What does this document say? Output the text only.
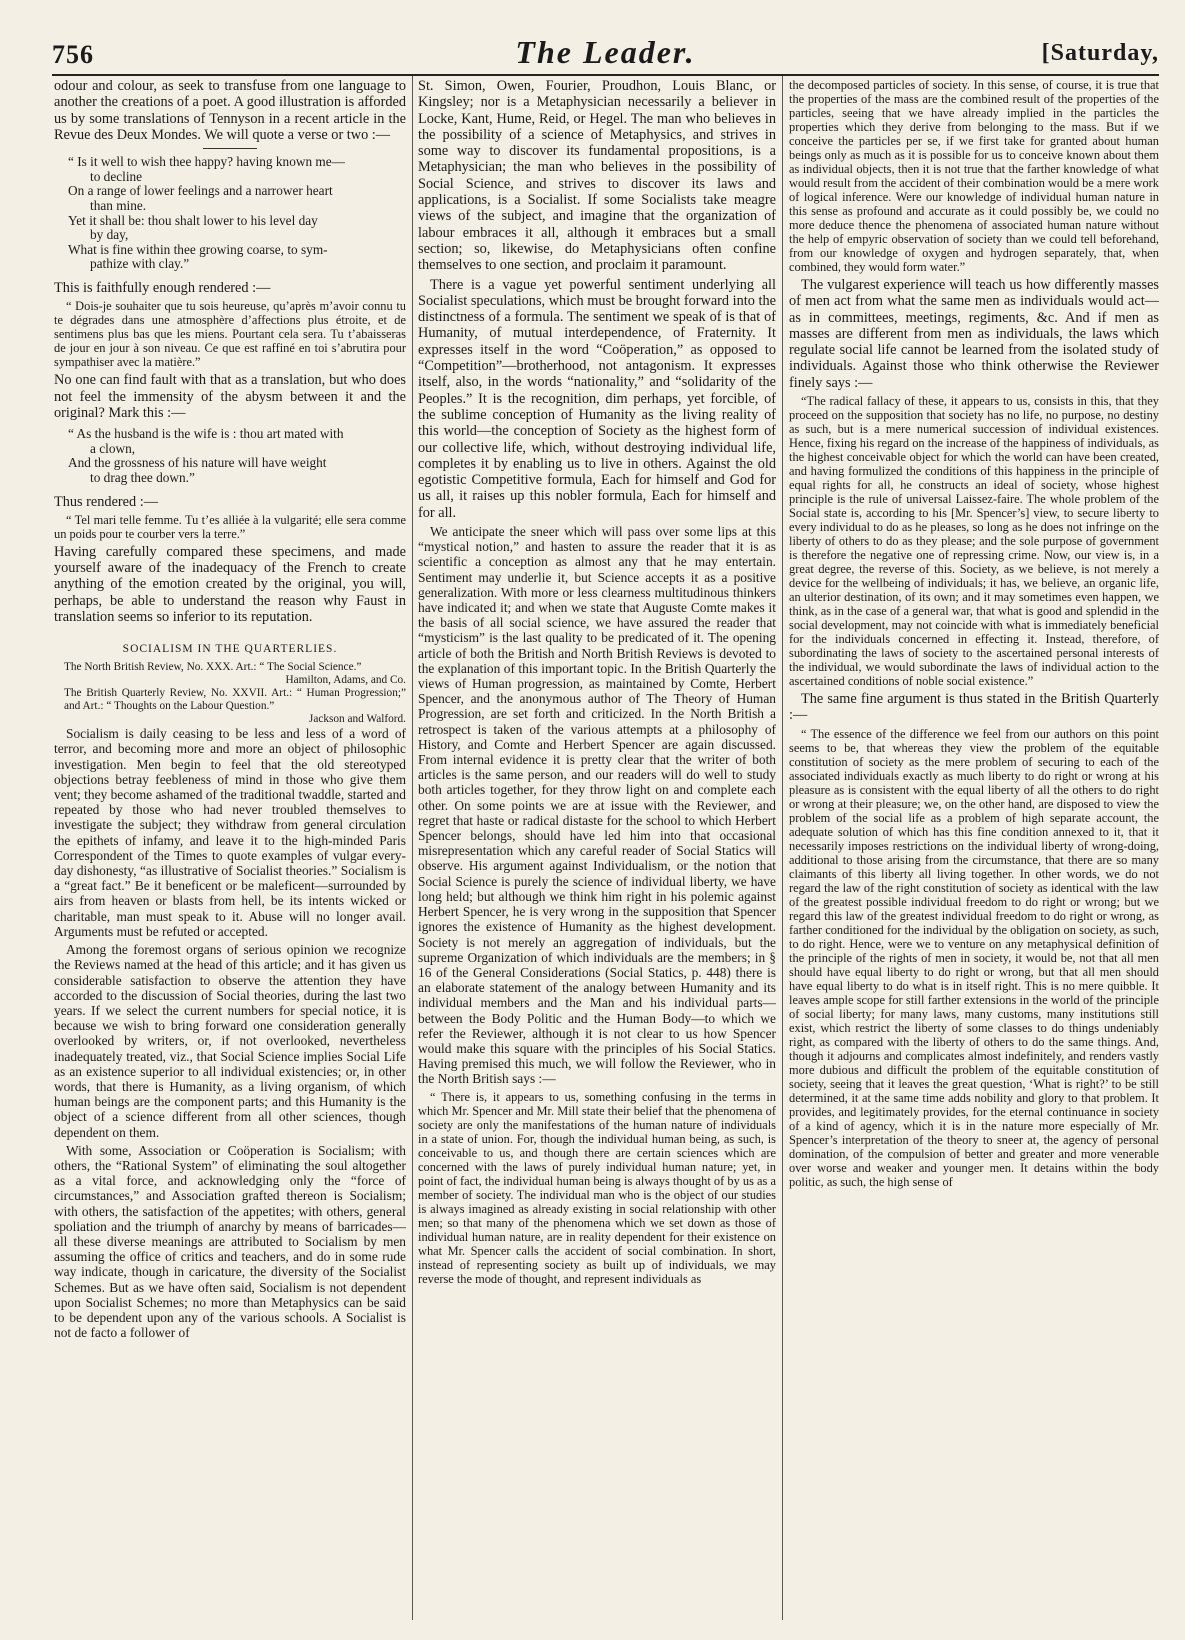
756	The Leader.	[Saturday,

odour and colour, as seek to transfuse from one language to another the creations of a poet. A good illustration is afforded us by some translations of Tennyson in a recent article in the Revue des Deux Mondes. We will quote a verse or two :—

“ Is it well to wish thee happy? having known me—
to decline
On a range of lower feelings and a narrower heart
than mine.
Yet it shall be: thou shalt lower to his level day
by day,
What is fine within thee growing coarse, to sym-
pathize with clay.”

This is faithfully enough rendered :—

“ Dois-je souhaiter que tu sois heureuse, qu’après m’avoir connu tu te dégrades dans une atmosphère d’affections plus étroite, et de sentimens plus bas que les miens. Pourtant cela sera. Tu t’abaisseras de jour en jour à son niveau. Ce que est raffiné en toi s’abrutira pour sympathiser avec la matière.”

No one can find fault with that as a translation, but who does not feel the immensity of the abysm between it and the original? Mark this :—

“ As the husband is the wife is : thou art mated with
a clown,
And the grossness of his nature will have weight
to drag thee down.”

Thus rendered :—

“ Tel mari telle femme. Tu t’es alliée à la vulgarité; elle sera comme un poids pour te courber vers la terre.”

Having carefully compared these specimens, and made yourself aware of the inadequacy of the French to create anything of the emotion created by the original, you will, perhaps, be able to understand the reason why Faust in translation seems so inferior to its reputation.

SOCIALISM IN THE QUARTERLIES.

The North British Review, No. XXX. Art.: “ The Social Science.”
Hamilton, Adams, and Co.

The British Quarterly Review, No. XXVII. Art.: “ Human Progression;” and Art.: “ Thoughts on the Labour Question.”
Jackson and Walford.

Socialism is daily ceasing to be less and less of a word of terror, and becoming more and more an object of philosophic investigation. Men begin to feel that the old stereotyped objections betray feebleness of mind in those who give them vent; they become ashamed of the traditional twaddle, started and repeated by those who had never troubled themselves to investigate the subject; they withdraw from general circulation the epithets of infamy, and leave it to the high-minded Paris Correspondent of the Times to quote examples of vulgar every-day dishonesty, “as illustrative of Socialist theories.” Socialism is a “great fact.” Be it beneficent or be maleficent—surrounded by airs from heaven or blasts from hell, be its intents wicked or charitable, man must speak to it. Abuse will no longer avail. Arguments must be refuted or accepted.

Among the foremost organs of serious opinion we recognize the Reviews named at the head of this article; and it has given us considerable satisfaction to observe the attention they have accorded to the discussion of Social theories, during the last two years. If we select the current numbers for special notice, it is because we wish to bring forward one consideration generally overlooked by writers, or, if not overlooked, nevertheless inadequately treated, viz., that Social Science implies Social Life as an existence superior to all individual existencies; or, in other words, that there is Humanity, as a living organism, of which human beings are the component parts; and this Humanity is the object of a science different from all other sciences, though dependent on them.

With some, Association or Coöperation is Socialism; with others, the “Rational System” of eliminating the soul altogether as a vital force, and acknowledging only the “force of circumstances,” and Association grafted thereon is Socialism; with others, the satisfaction of the appetites; with others, general spoliation and the triumph of anarchy by means of barricades—all these diverse meanings are attributed to Socialism by men assuming the office of critics and teachers, and do in some rude way indicate, though in caricature, the diversity of the Socialist Schemes. But as we have often said, Socialism is not dependent upon Socialist Schemes; no more than Metaphysics can be said to be dependent upon any of the various schools. A Socialist is not de facto a follower of

St. Simon, Owen, Fourier, Proudhon, Louis Blanc, or Kingsley; nor is a Metaphysician necessarily a believer in Locke, Kant, Hume, Reid, or Hegel. The man who believes in the possibility of a science of Metaphysics, and strives in some way to discover its fundamental propositions, is a Metaphysician; the man who believes in the possibility of Social Science, and strives to discover its laws and applications, is a Socialist. If some Socialists take meagre views of the subject, and imagine that the organization of labour embraces it all, although it embraces but a small section; so, likewise, do Metaphysicians often confine themselves to one section, and proclaim it paramount.

There is a vague yet powerful sentiment underlying all Socialist speculations, which must be brought forward into the distinctness of a formula. The sentiment we speak of is that of Humanity, of mutual interdependence, of Fraternity. It expresses itself in the word “Coöperation,” as opposed to “Competition”—brotherhood, not antagonism. It expresses itself, also, in the words “nationality,” and “solidarity of the Peoples.” It is the recognition, dim perhaps, yet forcible, of the sublime conception of Humanity as the living reality of this world—the conception of Society as the highest form of our collective life, which, without destroying individual life, completes it by enabling us to live in others. Against the old egotistic Competitive formula, Each for himself and God for us all, it raises up this nobler formula, Each for himself and for all.

We anticipate the sneer which will pass over some lips at this “mystical notion,” and hasten to assure the reader that it is as scientific a conception as almost any that he may entertain. Sentiment may underlie it, but Science accepts it as a positive generalization. With more or less clearness multitudinous thinkers have indicated it; and when we state that Auguste Comte makes it the basis of all social science, we have assured the reader that “mysticism” is the last quality to be predicated of it. The opening article of both the British and North British Reviews is devoted to the explanation of this important topic. In the British Quarterly the views of Human progression, as maintained by Comte, Herbert Spencer, and the anonymous author of The Theory of Human Progression, are set forth and criticized. In the North British a retrospect is taken of the various attempts at a philosophy of History, and Comte and Herbert Spencer are again discussed. From internal evidence it is pretty clear that the writer of both articles is the same person, and our readers will do well to study both articles together, for they throw light on and complete each other. On some points we are at issue with the Reviewer, and regret that haste or radical distaste for the school to which Herbert Spencer belongs, should have led him into that occasional misrepresentation which any careful reader of Social Statics will observe. His argument against Individualism, or the notion that Social Science is purely the science of individual liberty, we have long held; but although we think him right in his polemic against Herbert Spencer, he is very wrong in the supposition that Spencer ignores the existence of Humanity as the highest development. Society is not merely an aggregation of individuals, but the supreme Organization of which individuals are the members; in § 16 of the General Considerations (Social Statics, p. 448) there is an elaborate statement of the analogy between Humanity and its individual members and the Man and his individual parts—between the Body Politic and the Human Body—to which we refer the Reviewer, although it is not clear to us how Spencer would make this square with the principles of his Social Statics. Having premised this much, we will follow the Reviewer, who in the North British says :—

“ There is, it appears to us, something confusing in the terms in which Mr. Spencer and Mr. Mill state their belief that the phenomena of society are only the manifestations of the human nature of individuals in a state of union. For, though the individual human being, as such, is conceivable to us, and though there are certain sciences which are concerned with the laws of purely individual human nature; yet, in point of fact, the individual human being is always thought of by us as a member of society. The individual man who is the object of our studies is always imagined as already existing in social relationship with other men; so that many of the phenomena which we set down as those of individual human nature, are in reality dependent for their existence on what Mr. Spencer calls the accident of social combination. In short, instead of representing society as built up of individuals, we may reverse the mode of thought, and represent individuals as

the decomposed particles of society. In this sense, of course, it is true that the properties of the mass are the combined result of the properties of the particles, seeing that we have already implied in the particles the properties which they derive from belonging to the mass. But if we conceive the particles per se, if we first take for granted about human beings only as much as it is possible for us to conceive known about them as individual objects, then it is not true that the farther knowledge of what would result from the accident of their combination would be a mere work of logical inference. Were our knowledge of individual human nature in this sense as profound and accurate as it could possibly be, we could no more deduce thence the phenomena of associated human nature without the help of empyric observation of society than we could tell beforehand, from our knowledge of oxygen and hydrogen separately, that, when combined, they would form water.”

The vulgarest experience will teach us how differently masses of men act from what the same men as individuals would act—as in committees, meetings, regiments, &c. And if men as masses are different from men as individuals, the laws which regulate social life cannot be learned from the isolated study of individuals. Against those who think otherwise the Reviewer finely says :—

“The radical fallacy of these, it appears to us, consists in this, that they proceed on the supposition that society has no life, no purpose, no destiny as such, but is a mere numerical succession of individual existences. Hence, fixing his regard on the increase of the happiness of individuals, as the highest conceivable object for which the world can have been created, and having formulized the conditions of this happiness in the principle of equal rights for all, he constructs an ideal of society, whose highest principle is the rule of universal Laissez-faire. The whole problem of the Social state is, according to his [Mr. Spencer’s] view, to secure liberty to every individual to do as he pleases, so long as he does not infringe on the liberty of others to do as they please; and the sole purpose of government is therefore the negative one of repressing crime. Now, our view is, in a great degree, the reverse of this. Society, as we believe, is not merely a device for the wellbeing of individuals; it has, we believe, an organic life, an ulterior destination, of its own; and it may sometimes even happen, we think, as in the case of a general war, that what is good and splendid in the social development, may not coincide with what is immediately beneficial for the individuals concerned in effecting it. Instead, therefore, of subordinating the laws of society to the ascertained personal interests of the individual, we would subordinate the laws of individual action to the ascertained conditions of noble social existence.”

The same fine argument is thus stated in the British Quarterly :—

“ The essence of the difference we feel from our authors on this point seems to be, that whereas they view the problem of the equitable constitution of society as the mere problem of securing to each of the associated individuals exactly as much liberty to do right or wrong at his pleasure as is consistent with the equal liberty of all the others to do right or wrong at their pleasure; we, on the other hand, are disposed to view the problem of the social life as a problem of high separate account, the adequate solution of which has this fine condition annexed to it, that it necessarily imposes restrictions on the individual liberty of wrong-doing, additional to those arising from the circumstance, that there are so many claimants of this liberty all living together. In other words, we do not regard the law of the right constitution of society as identical with the law of the greatest possible individual freedom to do right or wrong; but we regard this law of the greatest individual freedom to do right or wrong, as farther conditioned for the individual by the obligation on society, as such, to do right. Hence, were we to venture on any metaphysical definition of the principle of the rights of men in society, it would be, not that all men should have equal liberty to do right or wrong, but that all men should have equal liberty to do what is in itself right. This is no mere quibble. It leaves ample scope for still farther extensions in the world of the principle of social liberty; for many laws, many customs, many institutions still exist, which restrict the liberty of some classes to do things undeniably right, as compared with the liberty of others to do the same things. And, though it adjourns and complicates almost indefinitely, and renders vastly more dubious and difficult the problem of the equitable constitution of society, seeing that it leaves the great question, ‘What is right?’ to be still determined, it at the same time adds nobility and glory to that problem. It provides, and legitimately provides, for the eternal continuance in society of a kind of agency, which it is in the nature more especially of Mr. Spencer’s interpretation of the theory to sneer at, the agency of personal domination, of the compulsion of better and greater and more venerable over worse and weaker and younger men. It detains within the body politic, as such, the high sense of
